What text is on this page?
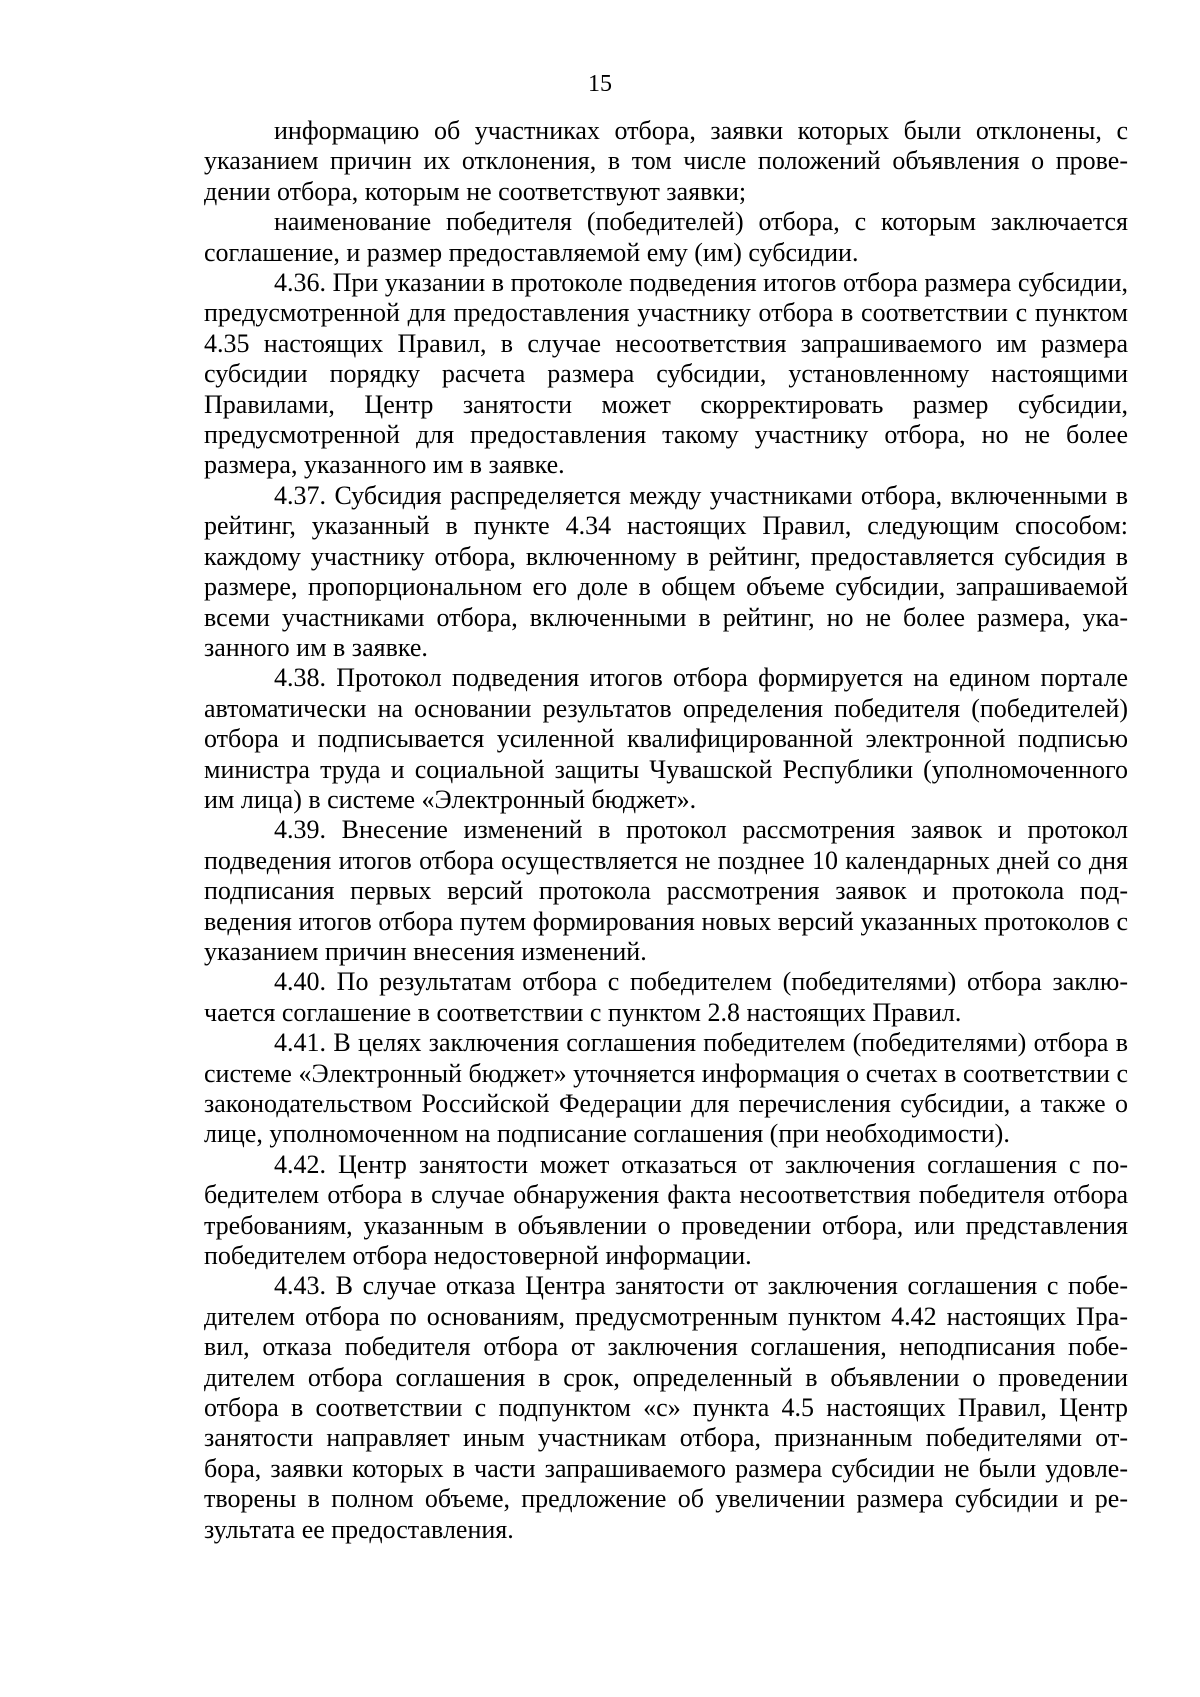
15

информацию об участниках отбора, заявки которых были отклонены, с указанием причин их отклонения, в том числе положений объявления о проведении отбора, которым не соответствуют заявки;

наименование победителя (победителей) отбора, с которым заключается соглашение, и размер предоставляемой ему (им) субсидии.

4.36. При указании в протоколе подведения итогов отбора размера субсидии, предусмотренной для предоставления участнику отбора в соответствии с пунктом 4.35 настоящих Правил, в случае несоответствия запрашиваемого им размера субсидии порядку расчета размера субсидии, установленному настоящими Правилами, Центр занятости может скорректировать размер субсидии, предусмотренной для предоставления такому участнику отбора, но не более размера, указанного им в заявке.

4.37. Субсидия распределяется между участниками отбора, включенными в рейтинг, указанный в пункте 4.34 настоящих Правил, следующим способом: каждому участнику отбора, включенному в рейтинг, предоставляется субсидия в размере, пропорциональном его доле в общем объеме субсидии, запрашиваемой всеми участниками отбора, включенными в рейтинг, но не более размера, указанного им в заявке.

4.38. Протокол подведения итогов отбора формируется на едином портале автоматически на основании результатов определения победителя (победителей) отбора и подписывается усиленной квалифицированной электронной подписью министра труда и социальной защиты Чувашской Республики (уполномоченного им лица) в системе «Электронный бюджет».

4.39. Внесение изменений в протокол рассмотрения заявок и протокол подведения итогов отбора осуществляется не позднее 10 календарных дней со дня подписания первых версий протокола рассмотрения заявок и протокола подведения итогов отбора путем формирования новых версий указанных протоколов с указанием причин внесения изменений.

4.40. По результатам отбора с победителем (победителями) отбора заключается соглашение в соответствии с пунктом 2.8 настоящих Правил.

4.41. В целях заключения соглашения победителем (победителями) отбора в системе «Электронный бюджет» уточняется информация о счетах в соответствии с законодательством Российской Федерации для перечисления субсидии, а также о лице, уполномоченном на подписание соглашения (при необходимости).

4.42. Центр занятости может отказаться от заключения соглашения с победителем отбора в случае обнаружения факта несоответствия победителя отбора требованиям, указанным в объявлении о проведении отбора, или представления победителем отбора недостоверной информации.

4.43. В случае отказа Центра занятости от заключения соглашения с победителем отбора по основаниям, предусмотренным пунктом 4.42 настоящих Правил, отказа победителя отбора от заключения соглашения, неподписания победителем отбора соглашения в срок, определенный в объявлении о проведении отбора в соответствии с подпунктом «с» пункта 4.5 настоящих Правил, Центр занятости направляет иным участникам отбора, признанным победителями отбора, заявки которых в части запрашиваемого размера субсидии не были удовлетворены в полном объеме, предложение об увеличении размера субсидии и результата ее предоставления.
